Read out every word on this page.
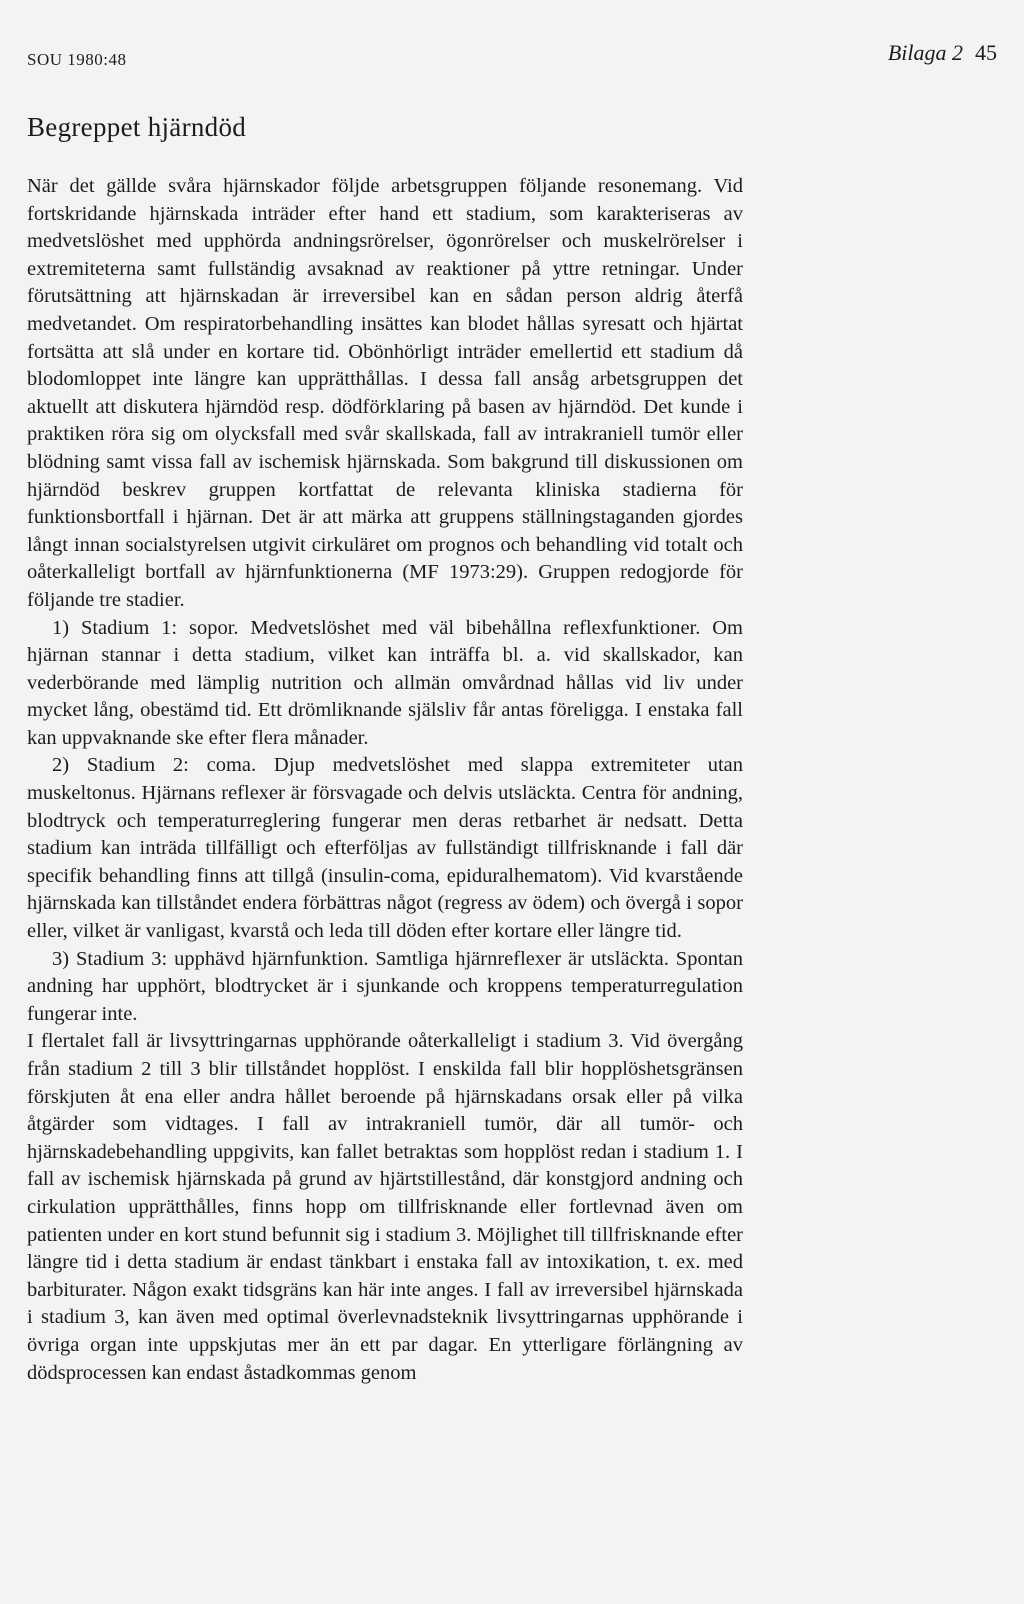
SOU 1980:48	Bilaga 2 45
Begreppet hjärndöd

När det gällde svåra hjärnskador följde arbetsgruppen följande resonemang. Vid fortskridande hjärnskada inträder efter hand ett stadium, som karakteriseras av medvetslöshet med upphörda andningsrörelser, ögonrörelser och muskelrörelser i extremiteterna samt fullständig avsaknad av reaktioner på yttre retningar. Under förutsättning att hjärnskadan är irreversibel kan en sådan person aldrig återfå medvetandet. Om respiratorbehandling insättes kan blodet hållas syresatt och hjärtat fortsätta att slå under en kortare tid. Obönhörligt inträder emellertid ett stadium då blodomloppet inte längre kan upprätthållas. I dessa fall ansåg arbetsgruppen det aktuellt att diskutera hjärndöd resp. dödförklaring på basen av hjärndöd. Det kunde i praktiken röra sig om olycksfall med svår skallskada, fall av intrakraniell tumör eller blödning samt vissa fall av ischemisk hjärnskada. Som bakgrund till diskussionen om hjärndöd beskrev gruppen kortfattat de relevanta kliniska stadierna för funktionsbortfall i hjärnan. Det är att märka att gruppens ställningstaganden gjordes långt innan socialstyrelsen utgivit cirkuläret om prognos och behandling vid totalt och oåterkalleligt bortfall av hjärnfunktionerna (MF 1973:29). Gruppen redogjorde för följande tre stadier.

1) Stadium 1: sopor. Medvetslöshet med väl bibehållna reflexfunktioner. Om hjärnan stannar i detta stadium, vilket kan inträffa bl. a. vid skallskador, kan vederbörande med lämplig nutrition och allmän omvårdnad hållas vid liv under mycket lång, obestämd tid. Ett drömliknande själsliv får antas föreligga. I enstaka fall kan uppvaknande ske efter flera månader.

2) Stadium 2: coma. Djup medvetslöshet med slappa extremiteter utan muskeltonus. Hjärnans reflexer är försvagade och delvis utsläckta. Centra för andning, blodtryck och temperaturreglering fungerar men deras retbarhet är nedsatt. Detta stadium kan inträda tillfälligt och efterföljas av fullständigt tillfrisknande i fall där specifik behandling finns att tillgå (insulin-coma, epiduralhematom). Vid kvarstående hjärnskada kan tillståndet endera förbättras något (regress av ödem) och övergå i sopor eller, vilket är vanligast, kvarstå och leda till döden efter kortare eller längre tid.

3) Stadium 3: upphävd hjärnfunktion. Samtliga hjärnreflexer är utsläckta. Spontan andning har upphört, blodtrycket är i sjunkande och kroppens temperaturregulation fungerar inte.

I flertalet fall är livsyttringarnas upphörande oåterkalleligt i stadium 3. Vid övergång från stadium 2 till 3 blir tillståndet hopplöst. I enskilda fall blir hopplöshetsgränsen förskjuten åt ena eller andra hållet beroende på hjärnskadans orsak eller på vilka åtgärder som vidtages. I fall av intrakraniell tumör, där all tumör- och hjärnskadebehandling uppgivits, kan fallet betraktas som hopplöst redan i stadium 1. I fall av ischemisk hjärnskada på grund av hjärtstillestånd, där konstgjord andning och cirkulation upprätthålles, finns hopp om tillfrisknande eller fortlevnad även om patienten under en kort stund befunnit sig i stadium 3. Möjlighet till tillfrisknande efter längre tid i detta stadium är endast tänkbart i enstaka fall av intoxikation, t. ex. med barbiturater. Någon exakt tidsgräns kan här inte anges. I fall av irreversibel hjärnskada i stadium 3, kan även med optimal överlevnadsteknik livsyttringarnas upphörande i övriga organ inte uppskjutas mer än ett par dagar. En ytterligare förlängning av dödsprocessen kan endast åstadkommas genom
